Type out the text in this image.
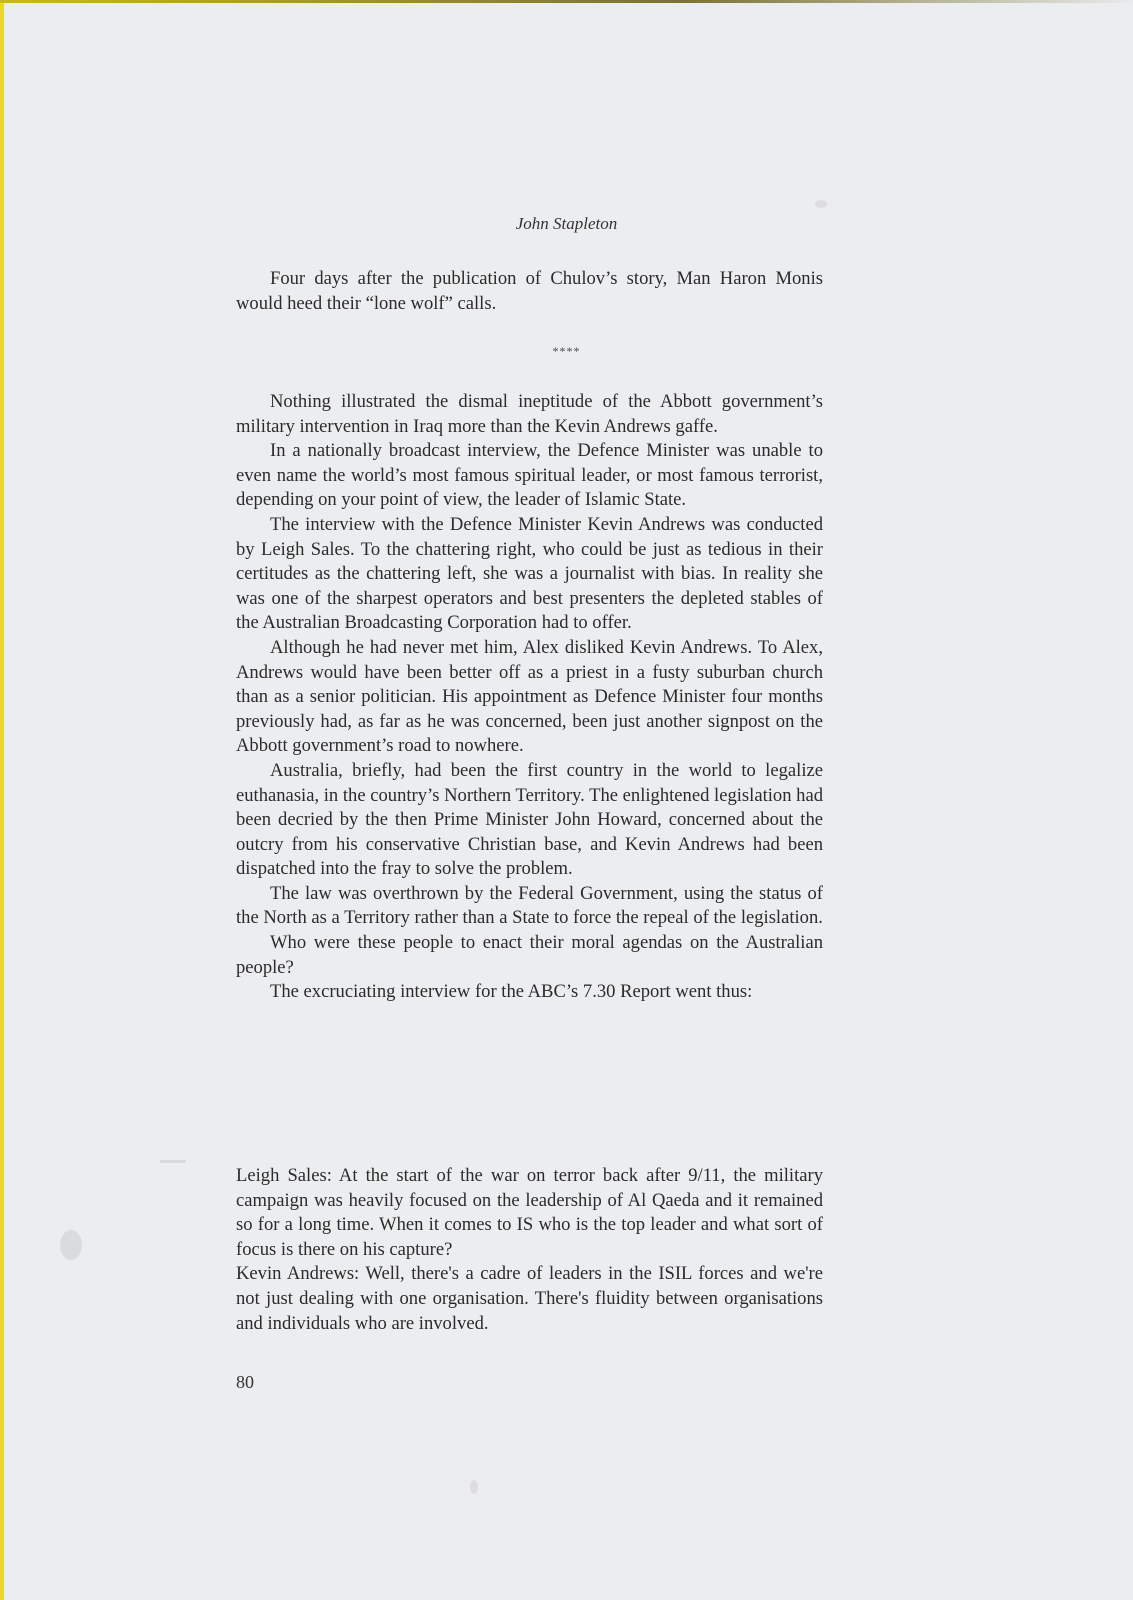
John Stapleton

Four days after the publication of Chulov’s story, Man Haron Monis would heed their “lone wolf” calls.

****

Nothing illustrated the dismal ineptitude of the Abbott government’s military intervention in Iraq more than the Kevin Andrews gaffe.

In a nationally broadcast interview, the Defence Minister was unable to even name the world’s most famous spiritual leader, or most famous terrorist, depending on your point of view, the leader of Islamic State.

The interview with the Defence Minister Kevin Andrews was conducted by Leigh Sales. To the chattering right, who could be just as tedious in their certitudes as the chattering left, she was a journalist with bias. In reality she was one of the sharpest operators and best presenters the depleted stables of the Australian Broadcasting Corporation had to offer.

Although he had never met him, Alex disliked Kevin Andrews. To Alex, Andrews would have been better off as a priest in a fusty suburban church than as a senior politician. His appointment as Defence Minister four months previously had, as far as he was concerned, been just another signpost on the Abbott government’s road to nowhere.

Australia, briefly, had been the first country in the world to legalize euthanasia, in the country’s Northern Territory. The enlightened legislation had been decried by the then Prime Minister John Howard, concerned about the outcry from his conservative Christian base, and Kevin Andrews had been dispatched into the fray to solve the problem.

The law was overthrown by the Federal Government, using the status of the North as a Territory rather than a State to force the repeal of the legislation.

Who were these people to enact their moral agendas on the Australian people?

The excruciating interview for the ABC’s 7.30 Report went thus:

Leigh Sales: At the start of the war on terror back after 9/11, the military campaign was heavily focused on the leadership of Al Qaeda and it remained so for a long time. When it comes to IS who is the top leader and what sort of focus is there on his capture?

Kevin Andrews: Well, there's a cadre of leaders in the ISIL forces and we're not just dealing with one organisation. There's fluidity between organisations and individuals who are involved.

80
